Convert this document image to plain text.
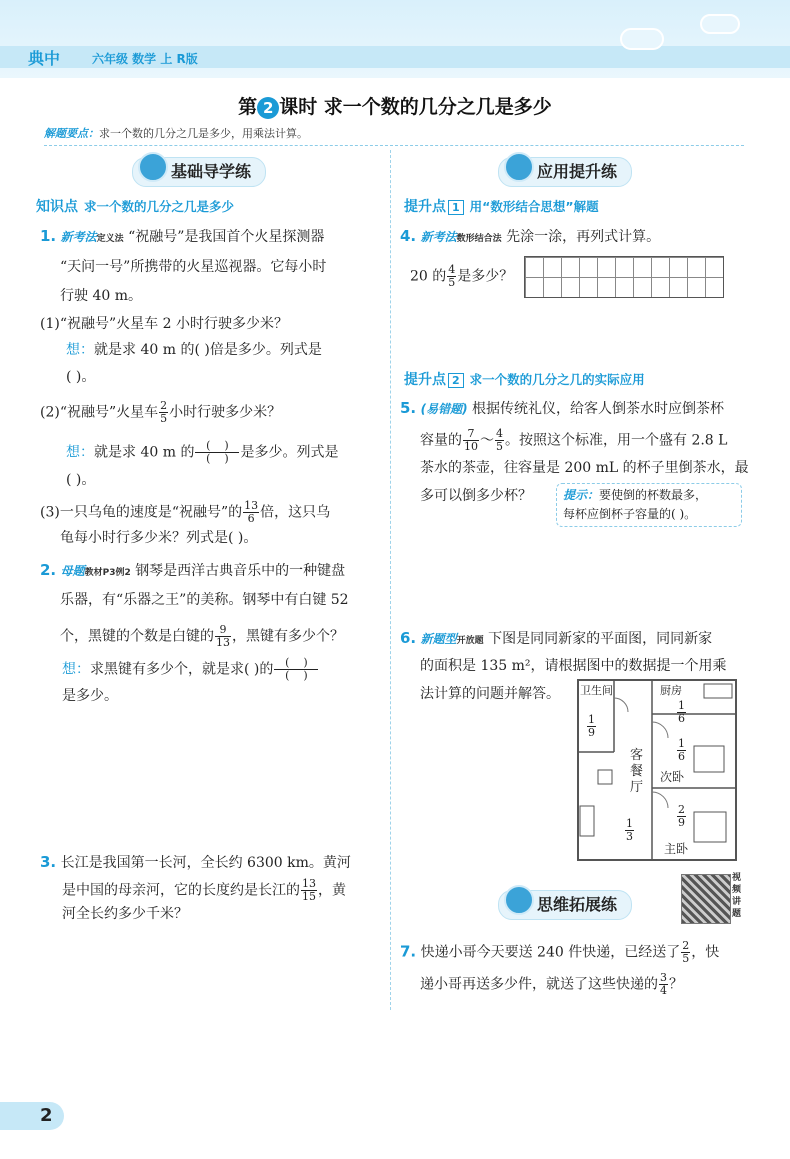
典中	六年级 数学 上 R版
第 2 课时 求一个数的几分之几是多少
解题要点：求一个数的几分之几是多少，用乘法计算。
基础导学练
知识点 求一个数的几分之几是多少
1. 新考法定义法 “祝融号”是我国首个火星探测器
“天问一号”所携带的火星巡视器。它每小时
行驶 40 m。
(1)“祝融号”火星车 2 小时行驶多少米？
想：就是求 40 m 的( )倍是多少。列式是
( )。
(2)“祝融号”火星车 $\frac{2}{5}$ 小时行驶多少米？
想：就是求 40 m 的 $\frac{( )}{( )}$ 是多少。列式是
( )。
(3)一只乌龟的速度是“祝融号”的 $\frac{13}{6}$ 倍，这只乌
龟每小时行多少米？列式是( )。
2. 母题教材P3例2 钢琴是西洋古典音乐中的一种键盘
乐器，有“乐器之王”的美称。钢琴中有白键 52
个，黑键的个数是白键的 $\frac{9}{13}$ ，黑键有多少个？
想：求黑键有多少个，就是求( )的 $\frac{( )}{( )}$
是多少。
3. 长江是我国第一长河，全长约 6300 km。黄河
是中国的母亲河，它的长度约是长江的 $\frac{13}{15}$ ，黄
河全长约多少千米？
应用提升练
提升点 1 用“数形结合思想”解题
4. 新考法数形结合法 先涂一涂，再列式计算。
20 的 $\frac{4}{5}$ 是多少？
提升点 2 求一个数的几分之几的实际应用
5. (易错题) 根据传统礼仪，给客人倒茶水时应倒茶杯
容量的 $\frac{7}{10}$ ～ $\frac{4}{5}$ 。按照这个标准，用一个盛有 2.8 L
茶水的茶壶，往容量是 200 mL 的杯子里倒茶水，最
多可以倒多少杯？	提示：要使倒的杯数最多，
每杯应倒杯子容量的( )。
6. 新题型开放题 下图是同同新家的平面图，同同新家
的面积是 135 m²，请根据图中的数据提一个用乘
法计算的问题并解答。 卫生间	厨房
客
餐
厅
次卧
主卧
$\frac{1}{9}$
$\frac{1}{6}$
$\frac{1}{6}$
$\frac{2}{9}$
$\frac{1}{3}$
思维拓展练
视频讲题
7. 快递小哥今天要送 240 件快递，已经送了 $\frac{2}{5}$ ，快
递小哥再送多少件，就送了这些快递的 $\frac{3}{4}$ ？
2
